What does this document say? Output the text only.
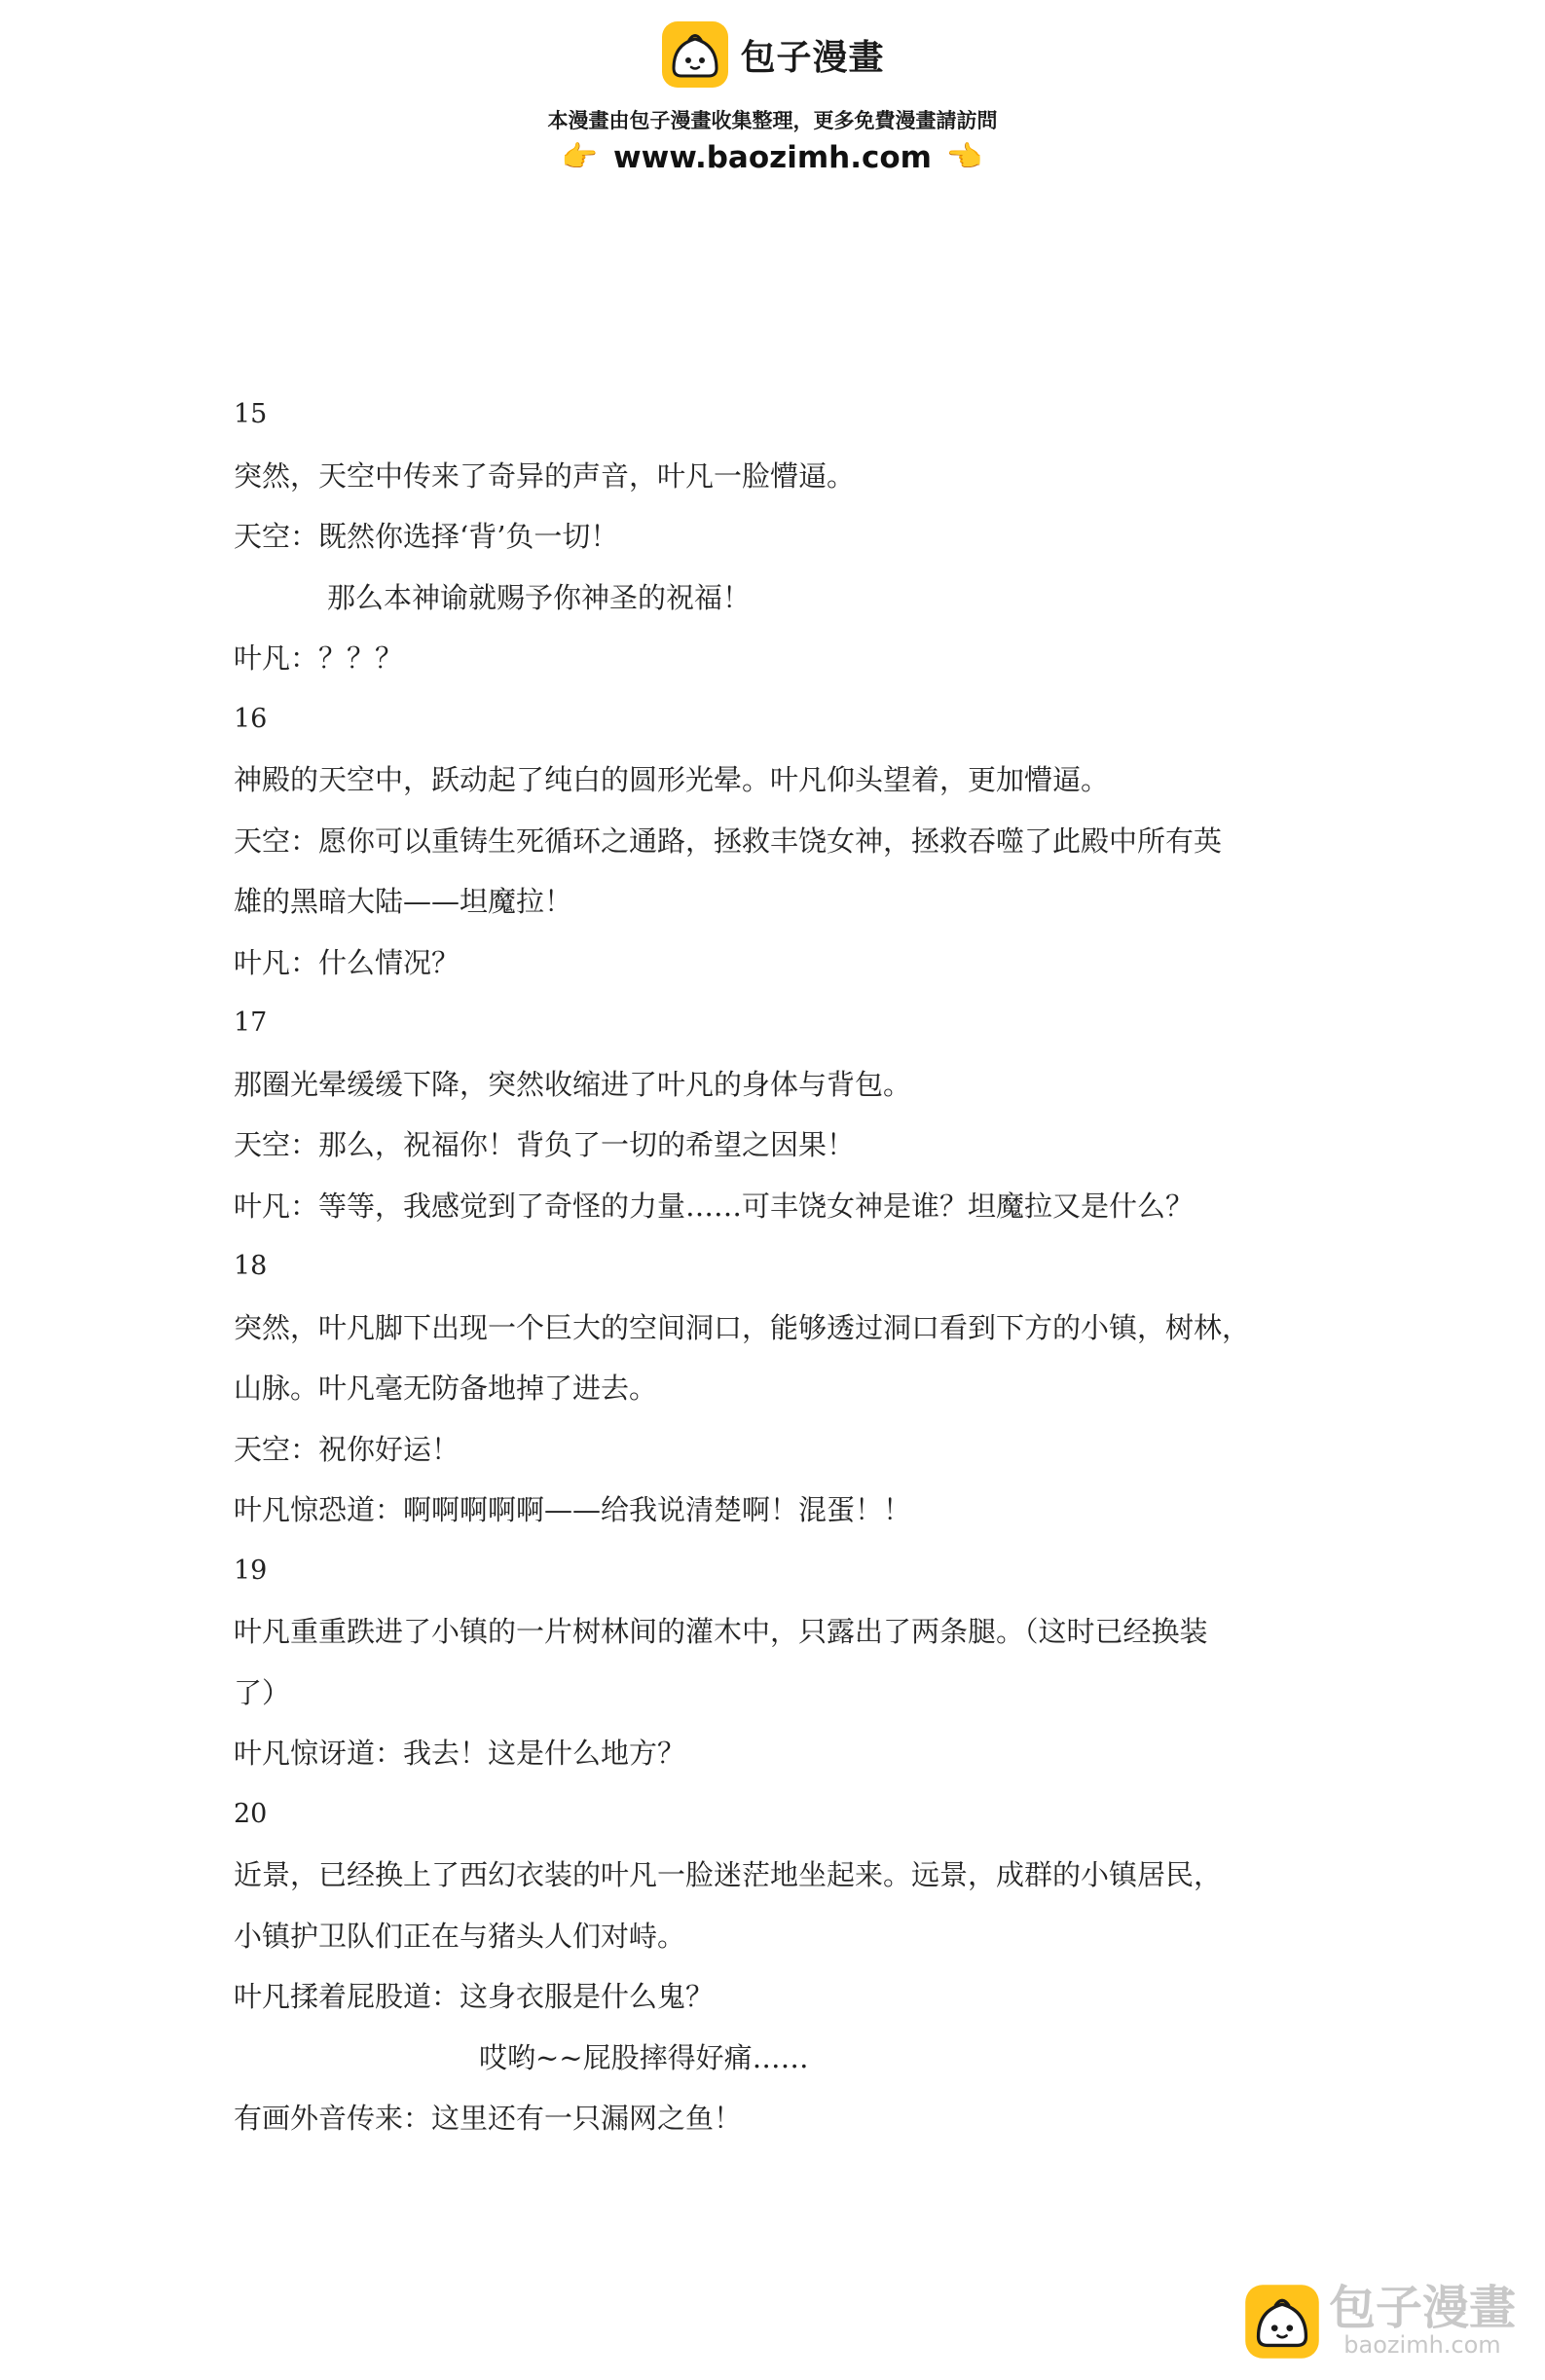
包子漫畫
本漫畫由包子漫畫收集整理，更多免費漫畫請訪問
👉 www.baozimh.com 👉

15

突然，天空中传来了奇异的声音，叶凡一脸懵逼。

天空：既然你选择‘背’负一切！

那么本神谕就赐予你神圣的祝福！

叶凡：？？？

16

神殿的天空中，跃动起了纯白的圆形光晕。叶凡仰头望着，更加懵逼。

天空：愿你可以重铸生死循环之通路，拯救丰饶女神，拯救吞噬了此殿中所有英

雄的黑暗大陆——坦魔拉！

叶凡：什么情况？

17

那圈光晕缓缓下降，突然收缩进了叶凡的身体与背包。

天空：那么，祝福你！背负了一切的希望之因果！

叶凡：等等，我感觉到了奇怪的力量……可丰饶女神是谁？坦魔拉又是什么？

18

突然，叶凡脚下出现一个巨大的空间洞口，能够透过洞口看到下方的小镇，树林，

山脉。叶凡毫无防备地掉了进去。

天空：祝你好运！

叶凡惊恐道：啊啊啊啊啊——给我说清楚啊！混蛋！！

19

叶凡重重跌进了小镇的一片树林间的灌木中，只露出了两条腿。（这时已经换装

了）

叶凡惊讶道：我去！这是什么地方？

20

近景，已经换上了西幻衣装的叶凡一脸迷茫地坐起来。远景，成群的小镇居民，

小镇护卫队们正在与猪头人们对峙。

叶凡揉着屁股道：这身衣服是什么鬼？

哎哟~~屁股摔得好痛……

有画外音传来：这里还有一只漏网之鱼！

包子漫畫
baozimh.com
